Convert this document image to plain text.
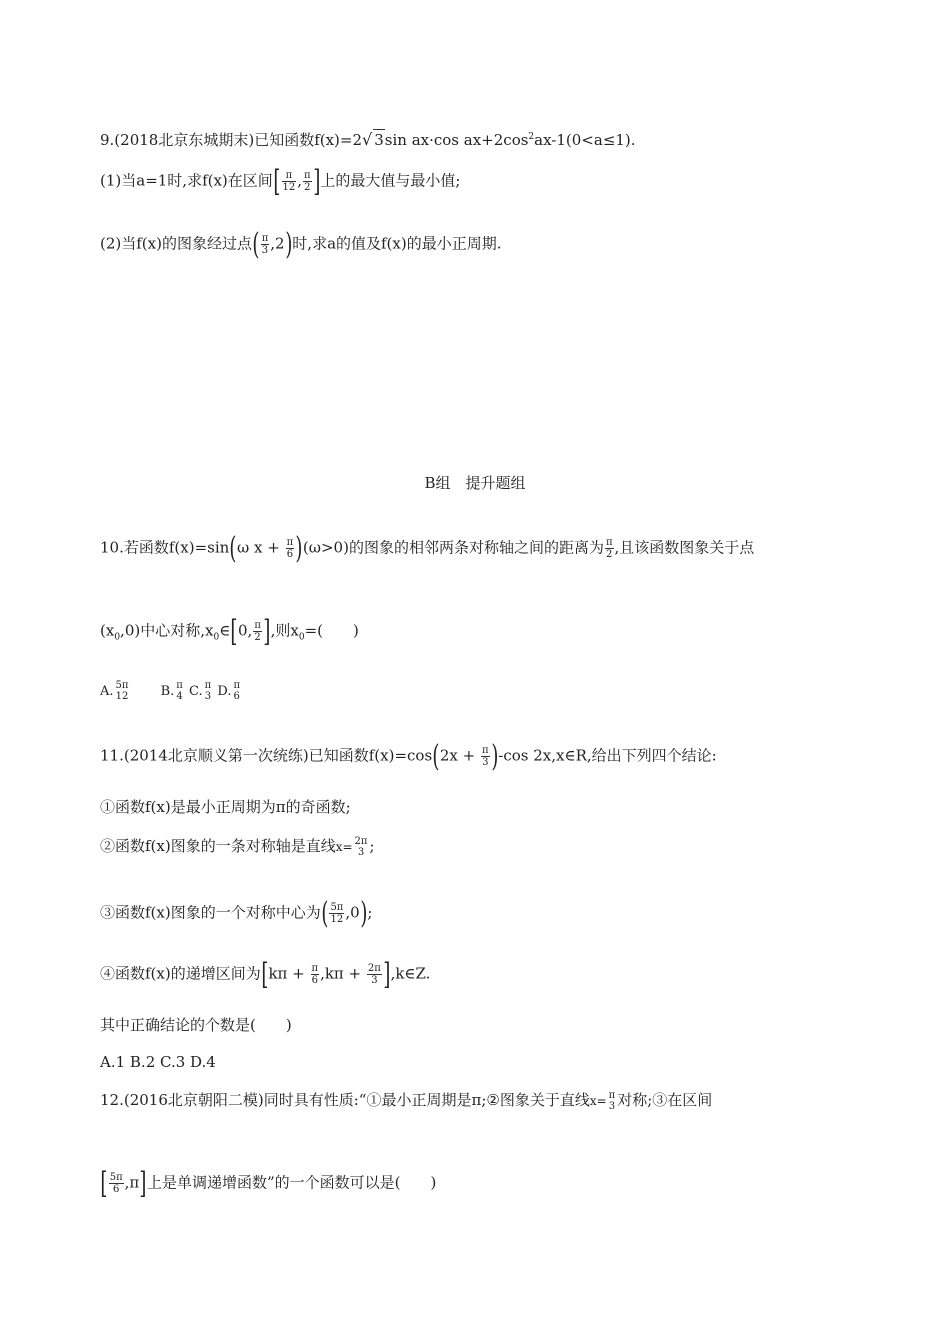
9.(2018北京东城期末)已知函数f(x)=2√ 3sin ax·cos $ax+2\cos^2ax-1(0<a\le 1)$.
(1)当a=1时,求f(x)在区间[ $\frac{\pi}{12}$ , $\frac{\pi}{2}$ ]上的最大值与最小值;
(2)当f(x)的图象经过点( $\frac{\pi}{3} ,2$)时,求a的值及f(x)的最小正周期.
B组　提升题组
10.若函数f(x)=sin(ω $x + \frac{\pi}{6} )(\omega>0)$的图象的相邻两条对称轴之间的距离为 $\frac{\pi}{2}$ ,且该函数图象关于点
$(x_0,0)$中心对称$,x_0\in[0$, $\frac{\pi}{2}$ ],则$x_0=$(　　)
A. 5π
12 B. π
4 C. π
3 D. π
6
11.(2014北京顺义第一次统练)已知函数$f(x)=\cos(2x + \frac{\pi}{3} )-\cos$ 2x,x∈R,给出下列四个结论:
①函数f(x)是最小正周期为π的奇函数;
②函数f(x)图象的一条对称轴是直线x= 2π
3 ;
③函数f(x)图象的一个对称中心为( $\frac{5\pi}{12} ,0$);
④函数f(x)的递增区间为[$k\pi + \frac{\pi}{6} ,k\pi + \frac{2\pi}{3}$ ],k∈Z.
其中正确结论的个数是(　　)
A.1 B.2 C.3 D.4
12.(2016北京朝阳二模)同时具有性质:“①最小正周期是π;②图象关于直线x= π
3 对称;③在区间
[ $\frac{5\pi}{6} ,\pi$]上是单调递增函数”的一个函数可以是(　　)
